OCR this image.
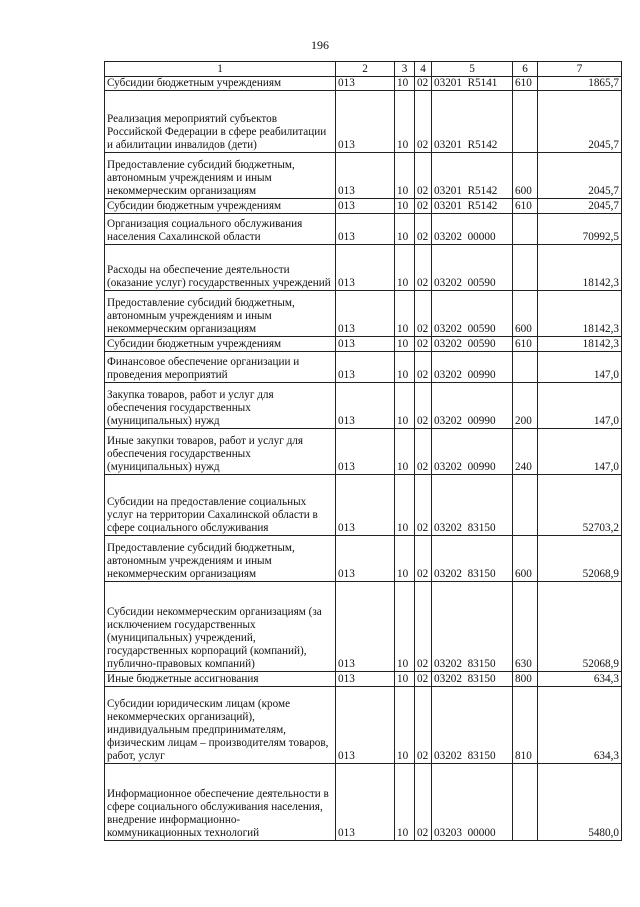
196
1	2	3	4	5	6	7
Субсидии бюджетным учреждениям	013	10	02	03201  R5141	610	1865,7
Реализация мероприятий субъектов Российской Федерации в сфере реабилитации и абилитации инвалидов (дети)	013	10	02	03201  R5142		2045,7
Предоставление субсидий бюджетным, автономным учреждениям и иным некоммерческим организациям	013	10	02	03201  R5142	600	2045,7
Субсидии бюджетным учреждениям	013	10	02	03201  R5142	610	2045,7
Организация социального обслуживания населения Сахалинской области	013	10	02	03202  00000		70992,5
Расходы на обеспечение деятельности (оказание услуг) государственных учреждений	013	10	02	03202  00590		18142,3
Предоставление субсидий бюджетным, автономным учреждениям и иным некоммерческим организациям	013	10	02	03202  00590	600	18142,3
Субсидии бюджетным учреждениям	013	10	02	03202  00590	610	18142,3
Финансовое обеспечение организации и проведения мероприятий	013	10	02	03202  00990		147,0
Закупка товаров, работ и услуг для обеспечения государственных (муниципальных) нужд	013	10	02	03202  00990	200	147,0
Иные закупки товаров, работ и услуг для обеспечения государственных (муниципальных) нужд	013	10	02	03202  00990	240	147,0
Субсидии на предоставление социальных услуг на территории Сахалинской области в сфере социального обслуживания	013	10	02	03202  83150		52703,2
Предоставление субсидий бюджетным, автономным учреждениям и иным некоммерческим организациям	013	10	02	03202  83150	600	52068,9
Субсидии некоммерческим организациям (за исключением государственных (муниципальных) учреждений, государственных корпораций (компаний), публично-правовых компаний)	013	10	02	03202  83150	630	52068,9
Иные бюджетные ассигнования	013	10	02	03202  83150	800	634,3
Субсидии юридическим лицам (кроме некоммерческих организаций), индивидуальным предпринимателям, физическим лицам – производителям товаров, работ, услуг	013	10	02	03202  83150	810	634,3
Информационное обеспечение деятельности в сфере социального обслуживания населения, внедрение информационно-коммуникационных технологий	013	10	02	03203  00000		5480,0
